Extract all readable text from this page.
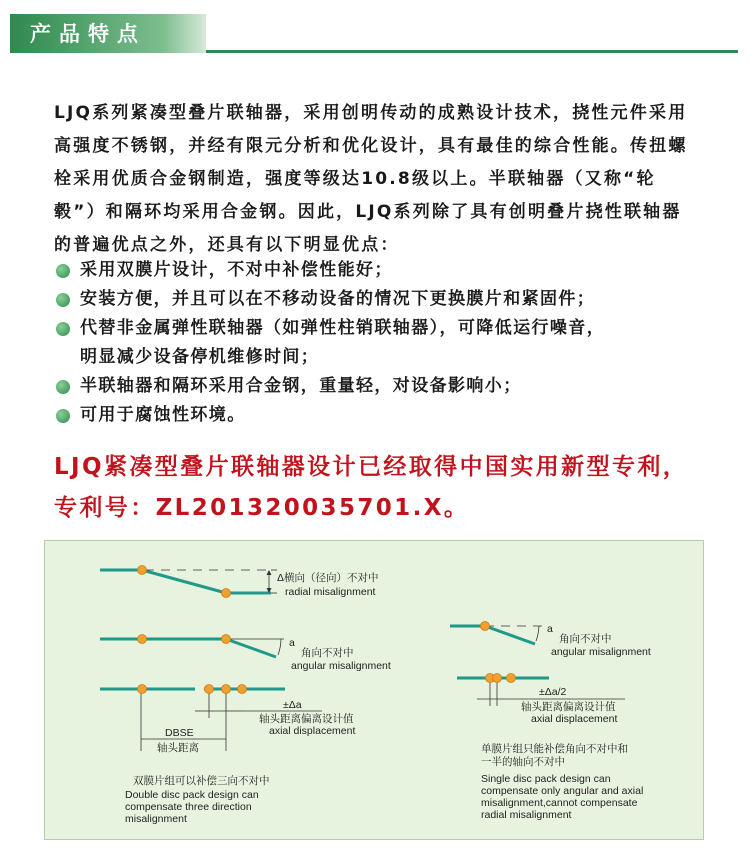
产品特点

LJQ系列紧凑型叠片联轴器，采用创明传动的成熟设计技术，挠性元件采用高强度不锈钢，并经有限元分析和优化设计，具有最佳的综合性能。传扭螺栓采用优质合金钢制造，强度等级达10.8级以上。半联轴器（又称“轮毂”）和隔环均采用合金钢。因此，LJQ系列除了具有创明叠片挠性联轴器的普遍优点之外，还具有以下明显优点：

采用双膜片设计，不对中补偿性能好；
安装方便，并且可以在不移动设备的情况下更换膜片和紧固件；
代替非金属弹性联轴器（如弹性柱销联轴器），可降低运行噪音，
明显减少设备停机维修时间；
半联轴器和隔环采用合金钢，重量轻，对设备影响小；
可用于腐蚀性环境。

LJQ紧凑型叠片联轴器设计已经取得中国实用新型专利，

专利号：ZL201320035701.X。

Δ横向（径向）不对中

radial misalignment

a

角向不对中

angular misalignment

±Δa

轴头距离偏离设计值

axial displacement

DBSE

轴头距离

双膜片组可以补偿三向不对中

Double disc pack design can

compensate three direction

misalignment

a

角向不对中

angular misalignment

±Δa/2

轴头距离偏离设计值

axial displacement

单膜片组只能补偿角向不对中和

一半的轴向不对中

Single disc pack design can

compensate only angular and axial

misalignment,cannot compensate

radial misalignment
